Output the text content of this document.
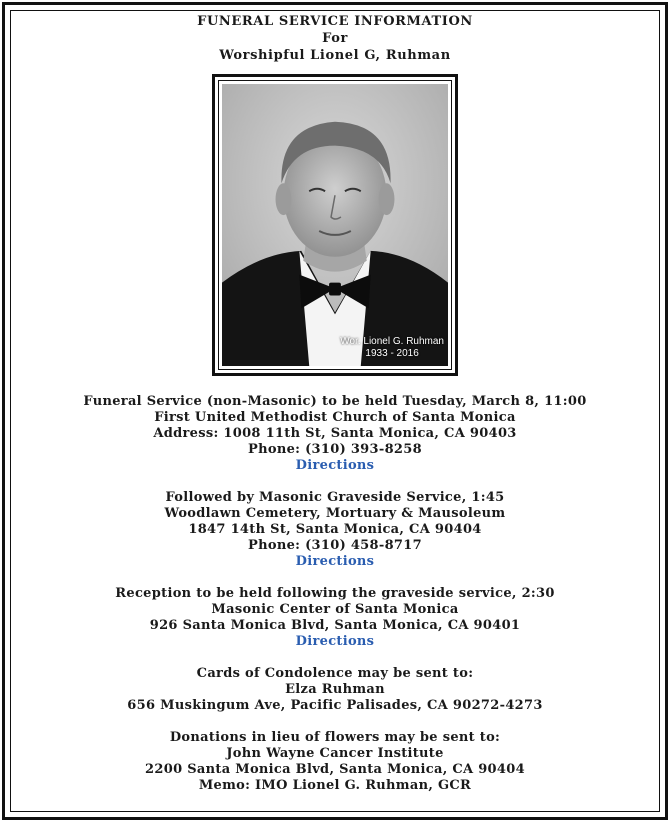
FUNERAL SERVICE INFORMATION
For
Worshipful Lionel G, Ruhman
Wor. Lionel G. Ruhman
1933 - 2016
Funeral Service (non-Masonic) to be held Tuesday, March 8, 11:00
First United Methodist Church of Santa Monica
Address: 1008 11th St, Santa Monica, CA 90403
Phone: (310) 393-8258
Directions
Followed by Masonic Graveside Service, 1:45
Woodlawn Cemetery, Mortuary & Mausoleum
1847 14th St, Santa Monica, CA 90404
Phone: (310) 458-8717
Directions
Reception to be held following the graveside service, 2:30
Masonic Center of Santa Monica
926 Santa Monica Blvd, Santa Monica, CA 90401
Directions
Cards of Condolence may be sent to:
Elza Ruhman
656 Muskingum Ave, Pacific Palisades, CA 90272-4273
Donations in lieu of flowers may be sent to:
John Wayne Cancer Institute
2200 Santa Monica Blvd, Santa Monica, CA 90404
Memo: IMO Lionel G. Ruhman, GCR
